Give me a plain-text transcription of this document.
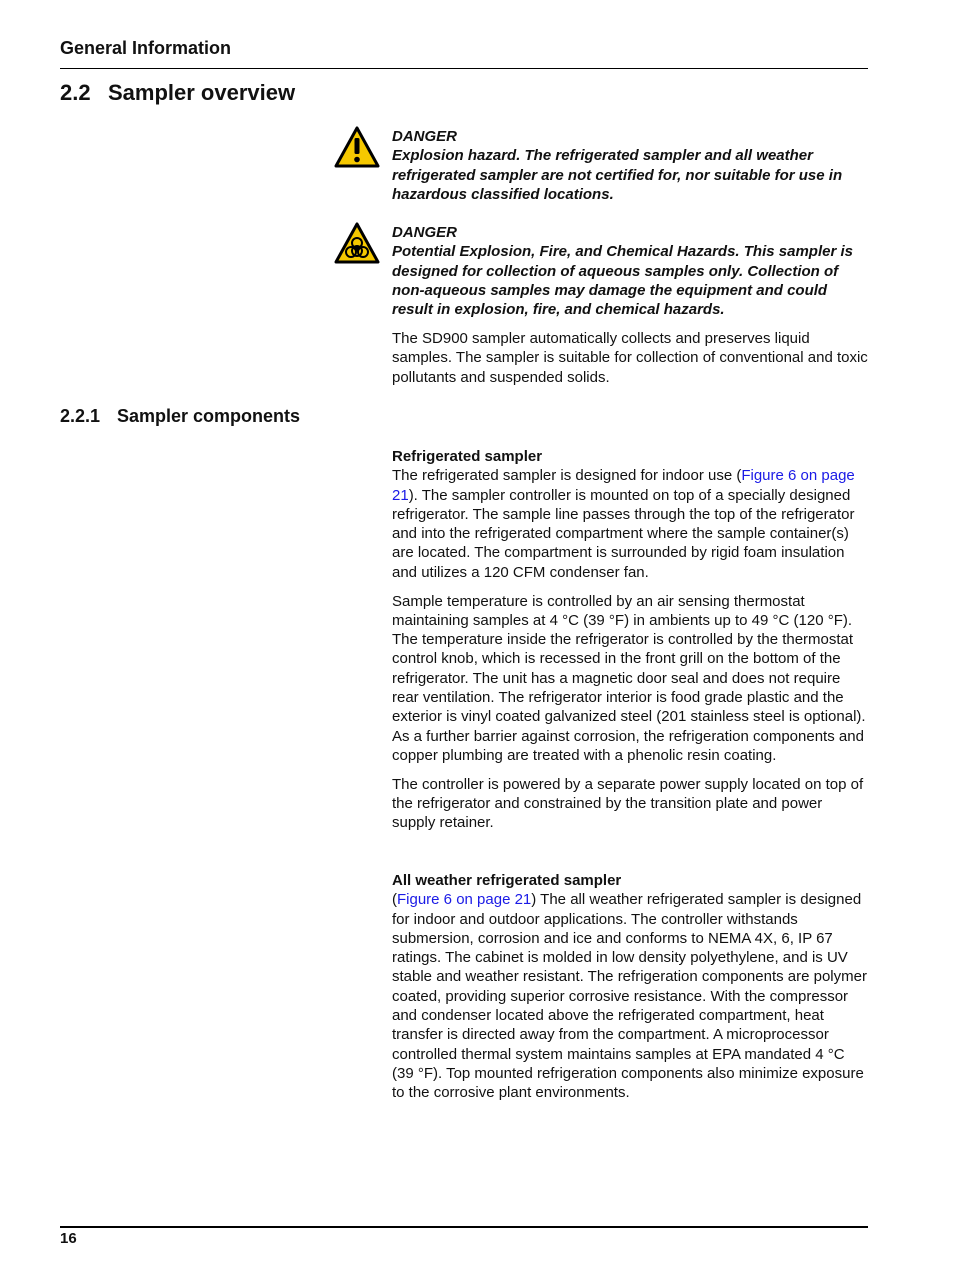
General Information
2.2 Sampler overview
DANGER
Explosion hazard. The refrigerated sampler and all weather refrigerated sampler are not certified for, nor suitable for use in hazardous classified locations.
DANGER
Potential Explosion, Fire, and Chemical Hazards. This sampler is designed for collection of aqueous samples only. Collection of non-aqueous samples may damage the equipment and could result in explosion, fire, and chemical hazards.

The SD900 sampler automatically collects and preserves liquid samples. The sampler is suitable for collection of conventional and toxic pollutants and suspended solids.

2.2.1 Sampler components
Refrigerated sampler

The refrigerated sampler is designed for indoor use (Figure 6 on page 21). The sampler controller is mounted on top of a specially designed refrigerator. The sample line passes through the top of the refrigerator and into the refrigerated compartment where the sample container(s) are located. The compartment is surrounded by rigid foam insulation and utilizes a 120 CFM condenser fan.

Sample temperature is controlled by an air sensing thermostat maintaining samples at 4 °C (39 °F) in ambients up to 49 °C (120 °F). The temperature inside the refrigerator is controlled by the thermostat control knob, which is recessed in the front grill on the bottom of the refrigerator. The unit has a magnetic door seal and does not require rear ventilation. The refrigerator interior is food grade plastic and the exterior is vinyl coated galvanized steel (201 stainless steel is optional). As a further barrier against corrosion, the refrigeration components and copper plumbing are treated with a phenolic resin coating.

The controller is powered by a separate power supply located on top of the refrigerator and constrained by the transition plate and power supply retainer.

All weather refrigerated sampler

(Figure 6 on page 21) The all weather refrigerated sampler is designed for indoor and outdoor applications. The controller withstands submersion, corrosion and ice and conforms to NEMA 4X, 6, IP 67 ratings. The cabinet is molded in low density polyethylene, and is UV stable and weather resistant. The refrigeration components are polymer coated, providing superior corrosive resistance. With the compressor and condenser located above the refrigerated compartment, heat transfer is directed away from the compartment. A microprocessor controlled thermal system maintains samples at EPA mandated 4 °C (39 °F). Top mounted refrigeration components also minimize exposure to the corrosive plant environments.

16
